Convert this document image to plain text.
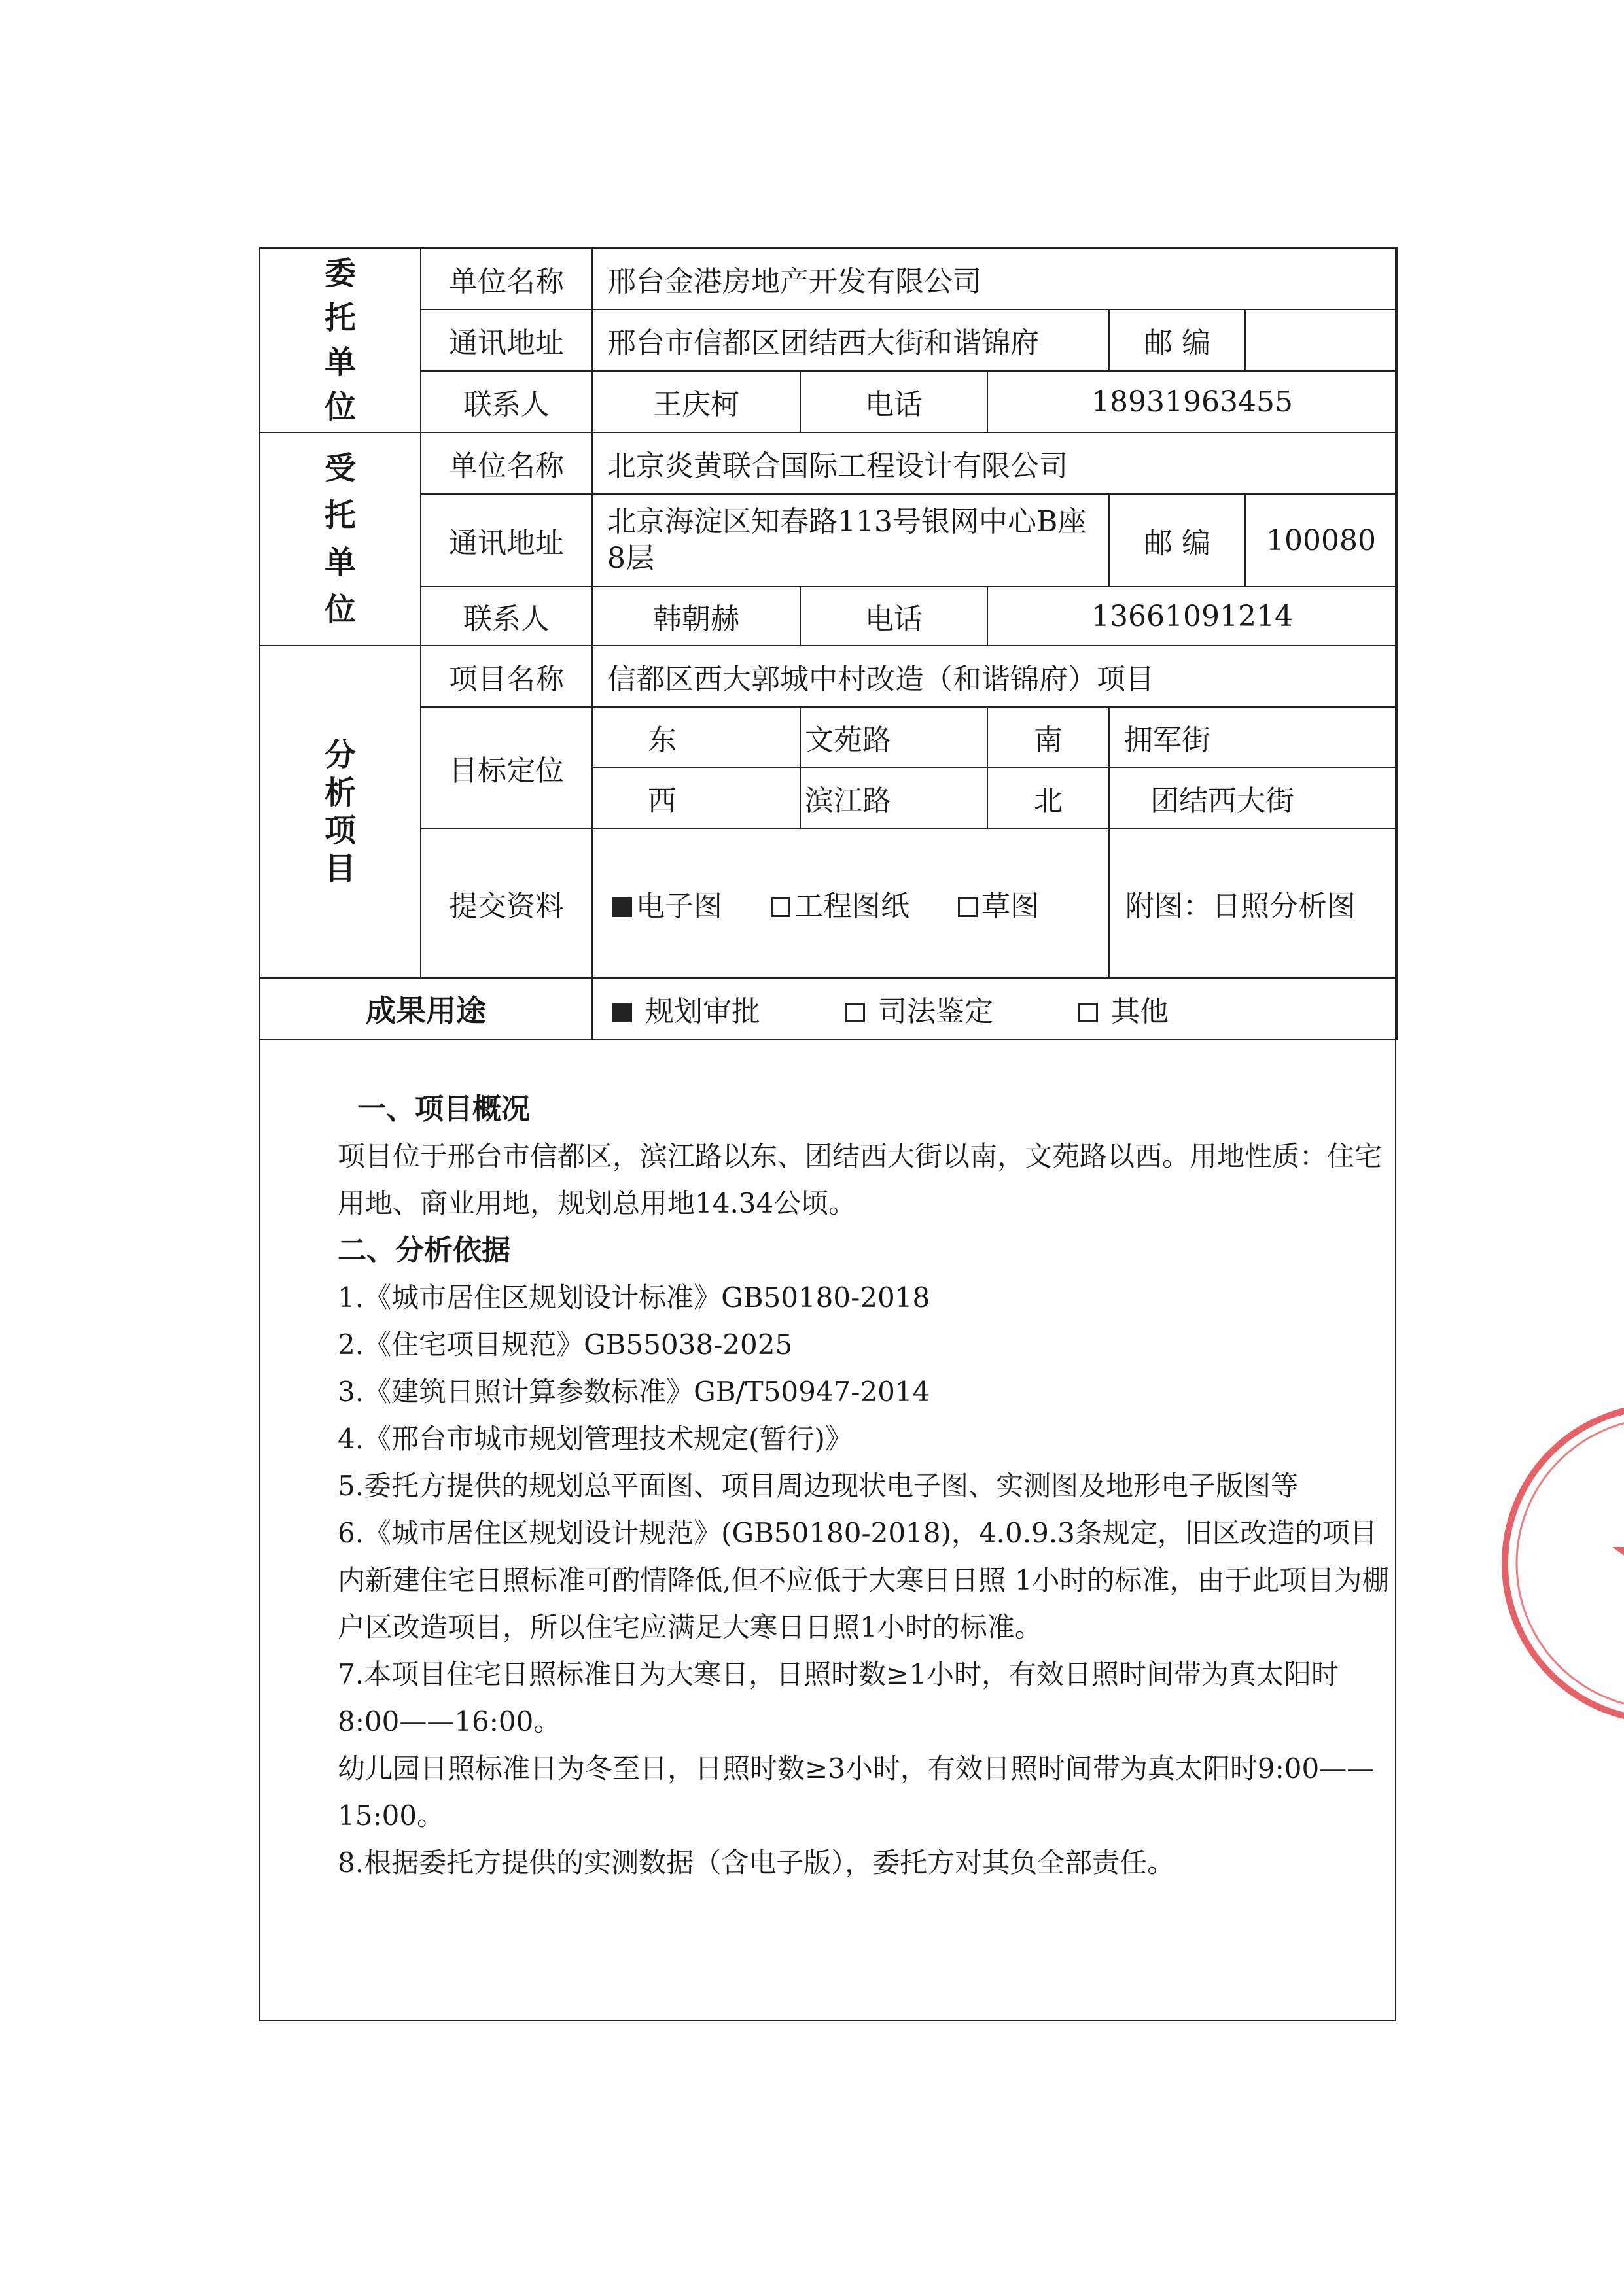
委
托
单
位	单位名称	邢台金港房地产开发有限公司				
	通讯地址	邢台市信都区团结西大街和谐锦府			邮 编	
	联系人	王庆柯	电话	18931963455		

受
托
单
位	单位名称	北京炎黄联合国际工程设计有限公司				
	通讯地址	北京海淀区知春路113号银网中心B座8层			邮 编	100080
	联系人	韩朝赫	电话	13661091214		

分
析
项
目	项目名称	信都区西大郭城中村改造（和谐锦府）项目				
	目标定位	东	文苑路	南	拥军街	
		西	滨江路	北	团结西大街	
	提交资料	电子图 工程图纸 草图			附图：日照分析图	
成果用途		规划审批 司法鉴定 其他				

一、项目概况

项目位于邢台市信都区，滨江路以东、团结西大街以南，文苑路以西。用地性质：住宅用地、商业用地，规划总用地14.34公顷。

二、分析依据

1.《城市居住区规划设计标准》GB50180-2018

2.《住宅项目规范》GB55038-2025

3.《建筑日照计算参数标准》GB/T50947-2014

4.《邢台市城市规划管理技术规定(暂行)》

5.委托方提供的规划总平面图、项目周边现状电子图、实测图及地形电子版图等

6.《城市居住区规划设计规范》(GB50180-2018)，4.0.9.3条规定，旧区改造的项目内新建住宅日照标准可酌情降低,但不应低于大寒日日照 1小时的标准，由于此项目为棚户区改造项目，所以住宅应满足大寒日日照1小时的标准。

7.本项目住宅日照标准日为大寒日，日照时数≥1小时，有效日照时间带为真太阳时8:00——16:00。

幼儿园日照标准日为冬至日，日照时数≥3小时，有效日照时间带为真太阳时9:00——15:00。

8.根据委托方提供的实测数据（含电子版），委托方对其负全部责任。
